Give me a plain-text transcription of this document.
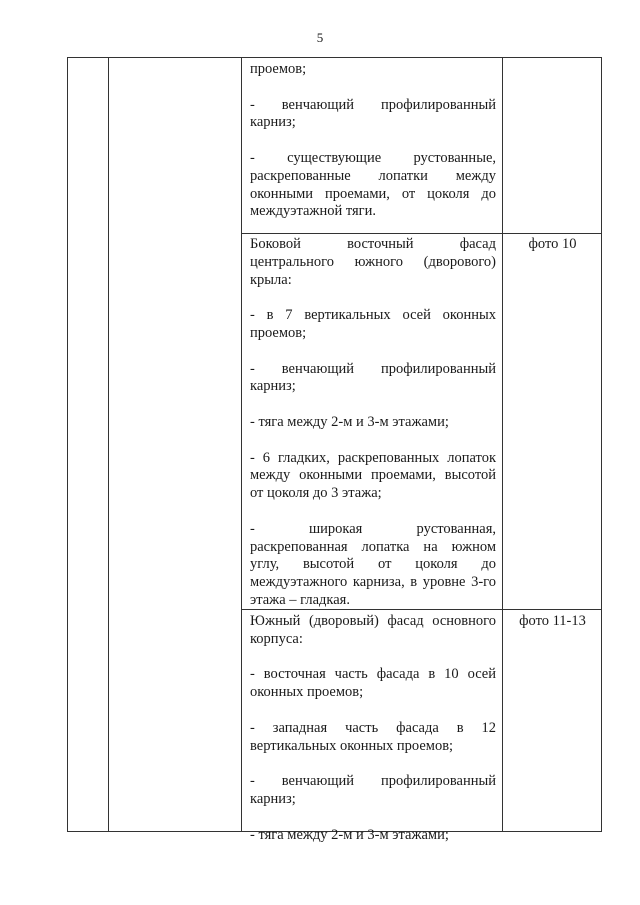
5

проемов;

- венчающий профилированный карниз;

- существующие рустованные, раскрепованные лопатки между оконными проемами, от цоколя до междуэтажной тяги.

Боковой восточный фасад центрального южного (дворового) крыла:

- в 7 вертикальных осей оконных проемов;

- венчающий профилированный карниз;

- тяга между 2-м и 3-м этажами;

- 6 гладких, раскрепованных лопаток между оконными проемами, высотой от цоколя до 3 этажа;

- широкая рустованная, раскрепованная лопатка на южном углу, высотой от цоколя до междуэтажного карниза, в уровне 3-го этажа – гладкая.

фото 10

Южный (дворовый) фасад основного корпуса:

- восточная часть фасада в 10 осей оконных проемов;

- западная часть фасада в 12 вертикальных оконных проемов;

- венчающий профилированный карниз;

- тяга между 2-м и 3-м этажами;

фото 11-13
